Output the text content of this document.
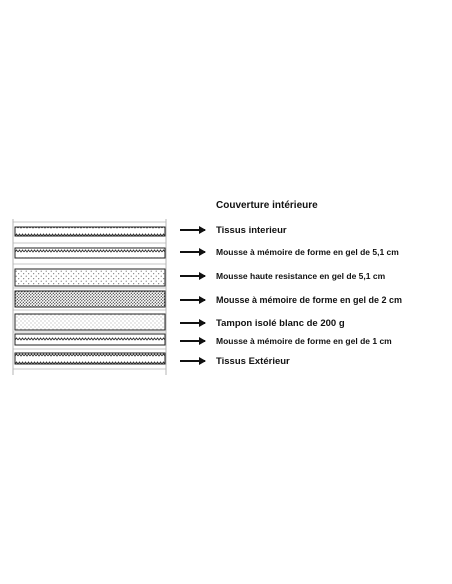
Couverture intérieure
Tissus interieur
Mousse à mémoire de forme en gel de 5,1 cm
Mousse haute resistance en gel de 5,1 cm
Mousse à mémoire de forme en gel de 2 cm
Tampon isolé blanc de 200 g
Mousse à mémoire de forme en gel de 1 cm
Tissus Extérieur
